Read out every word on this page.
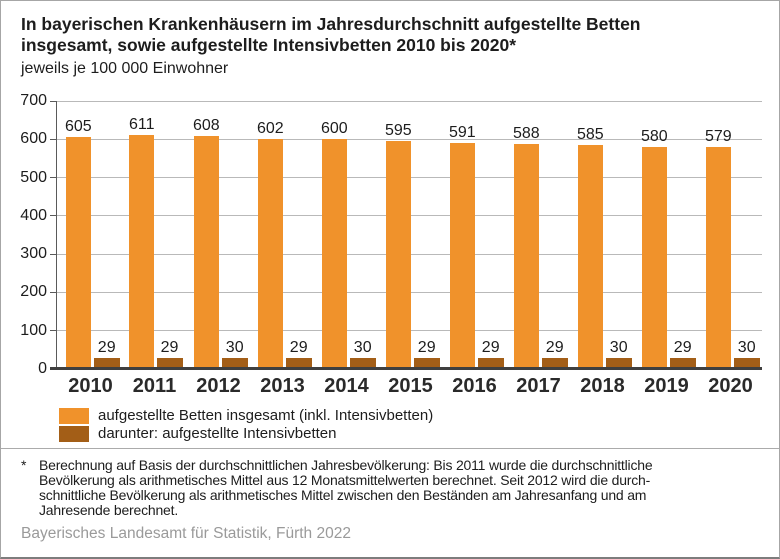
In bayerischen Krankenhäusern im Jahresdurchschnitt aufgestellte Betten
insgesamt, sowie aufgestellte Intensivbetten 2010 bis 2020*
jeweils je 100 000 Einwohner
605
29
611
29
608
30
602
29
600
30
595
29
591
29
588
29
585
30
580
29
579
30
aufgestellte Betten insgesamt (inkl. Intensivbetten)
darunter: aufgestellte Intensivbetten
* Berechnung auf Basis der durchschnittlichen Jahresbevölkerung: Bis 2011 wurde die durchschnittliche
Bevölkerung als arithmetisches Mittel aus 12 Monatsmittelwerten berechnet. Seit 2012 wird die durch-
schnittliche Bevölkerung als arithmetisches Mittel zwischen den Beständen am Jahresanfang und am
Jahresende berechnet.
Bayerisches Landesamt für Statistik, Fürth 2022
0
100
200
300
400
500
600
700
2010 2011 2012 2013 2014 2015 2016 2017 2018 2019 2020
